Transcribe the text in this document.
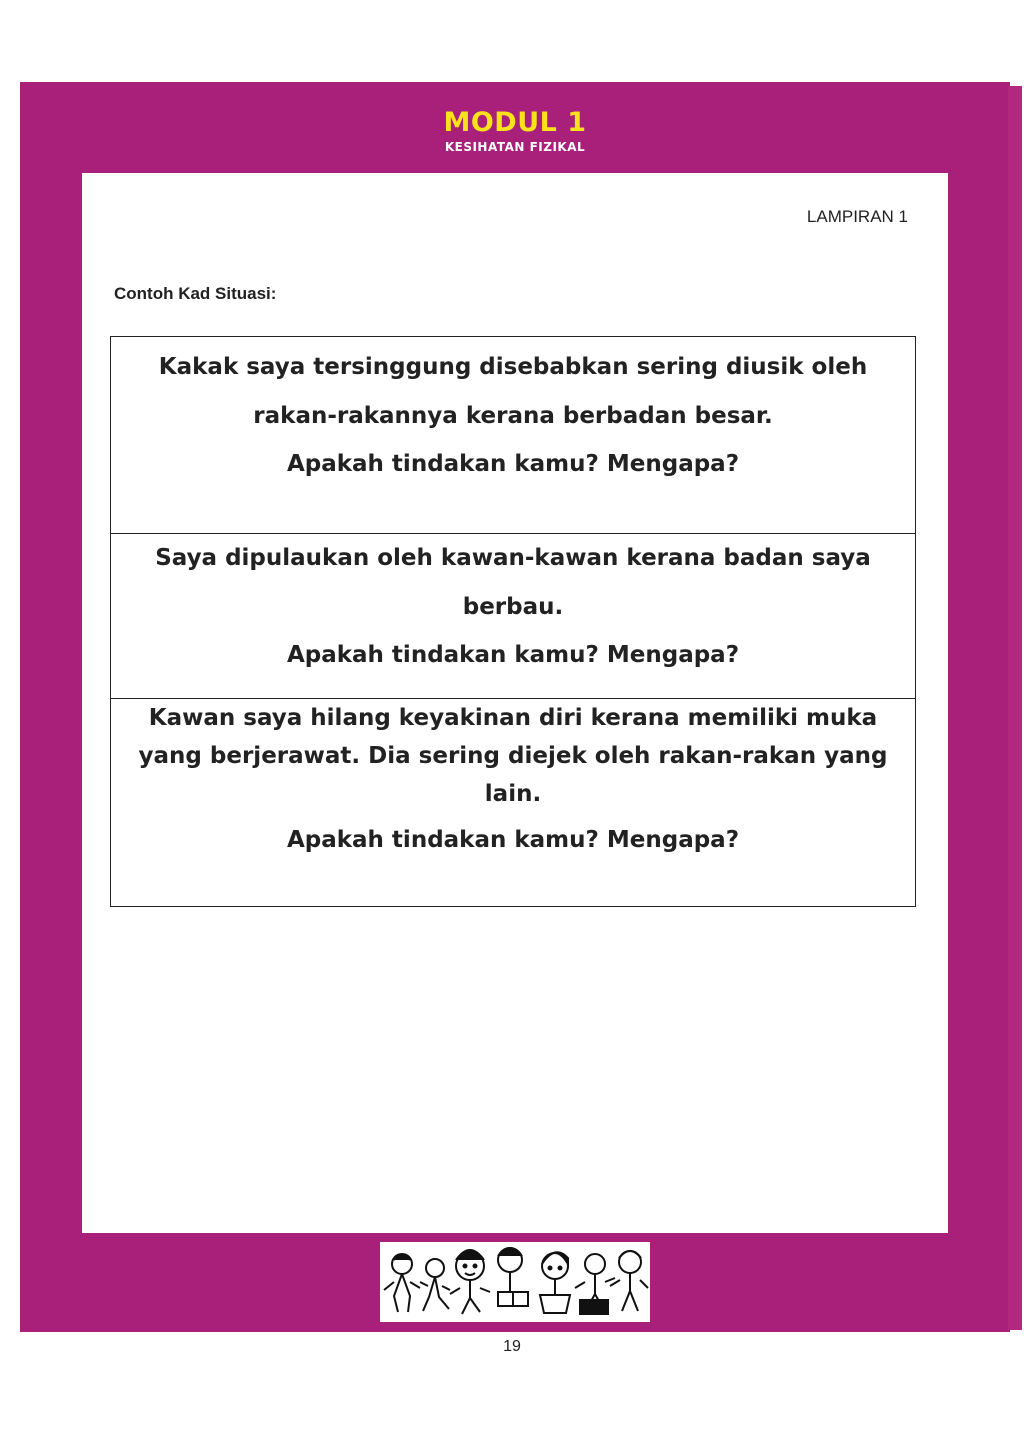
MODUL 1
KESIHATAN FIZIKAL
LAMPIRAN 1
Contoh Kad Situasi:

Kakak saya tersinggung disebabkan sering diusik oleh rakan-rakannya kerana berbadan besar.

Apakah tindakan kamu? Mengapa?

Saya dipulaukan oleh kawan-kawan kerana badan saya berbau.

Apakah tindakan kamu? Mengapa?

Kawan saya hilang keyakinan diri kerana memiliki muka yang berjerawat. Dia sering diejek oleh rakan-rakan yang lain.

Apakah tindakan kamu? Mengapa?

19
